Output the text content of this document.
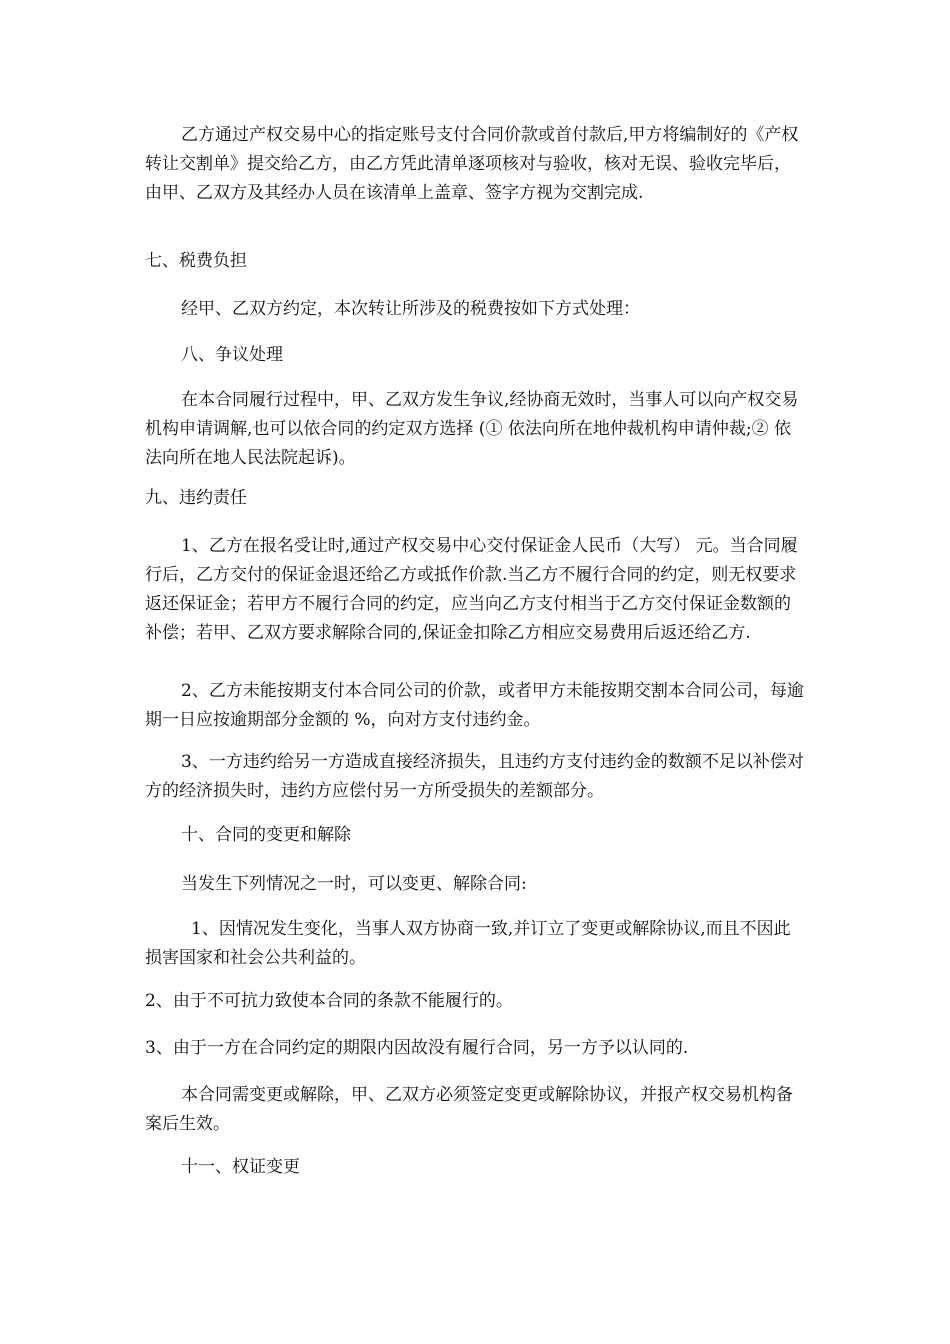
乙方通过产权交易中心的指定账号支付合同价款或首付款后,甲方将编制好的《产权转让交割单》提交给乙方，由乙方凭此清单逐项核对与验收，核对无误、验收完毕后，由甲、乙双方及其经办人员在该清单上盖章、签字方视为交割完成.

七、税费负担

经甲、乙双方约定，本次转让所涉及的税费按如下方式处理：

八、争议处理

在本合同履行过程中，甲、乙双方发生争议,经协商无效时，当事人可以向产权交易机构申请调解,也可以依合同的约定双方选择 (① 依法向所在地仲裁机构申请仲裁;② 依法向所在地人民法院起诉)。

九、违约责任

1、乙方在报名受让时,通过产权交易中心交付保证金人民币（大写） 元。当合同履行后，乙方交付的保证金退还给乙方或抵作价款.当乙方不履行合同的约定，则无权要求返还保证金；若甲方不履行合同的约定，应当向乙方支付相当于乙方交付保证金数额的补偿；若甲、乙双方要求解除合同的,保证金扣除乙方相应交易费用后返还给乙方.

2、乙方未能按期支付本合同公司的价款，或者甲方未能按期交割本合同公司，每逾期一日应按逾期部分金额的 %，向对方支付违约金。

3、一方违约给另一方造成直接经济损失，且违约方支付违约金的数额不足以补偿对方的经济损失时，违约方应偿付另一方所受损失的差额部分。

十、合同的变更和解除

当发生下列情况之一时，可以变更、解除合同:

1、因情况发生变化，当事人双方协商一致,并订立了变更或解除协议,而且不因此损害国家和社会公共利益的。

2、由于不可抗力致使本合同的条款不能履行的。

3、由于一方在合同约定的期限内因故没有履行合同，另一方予以认同的.

本合同需变更或解除，甲、乙双方必须签定变更或解除协议，并报产权交易机构备案后生效。

十一、权证变更
